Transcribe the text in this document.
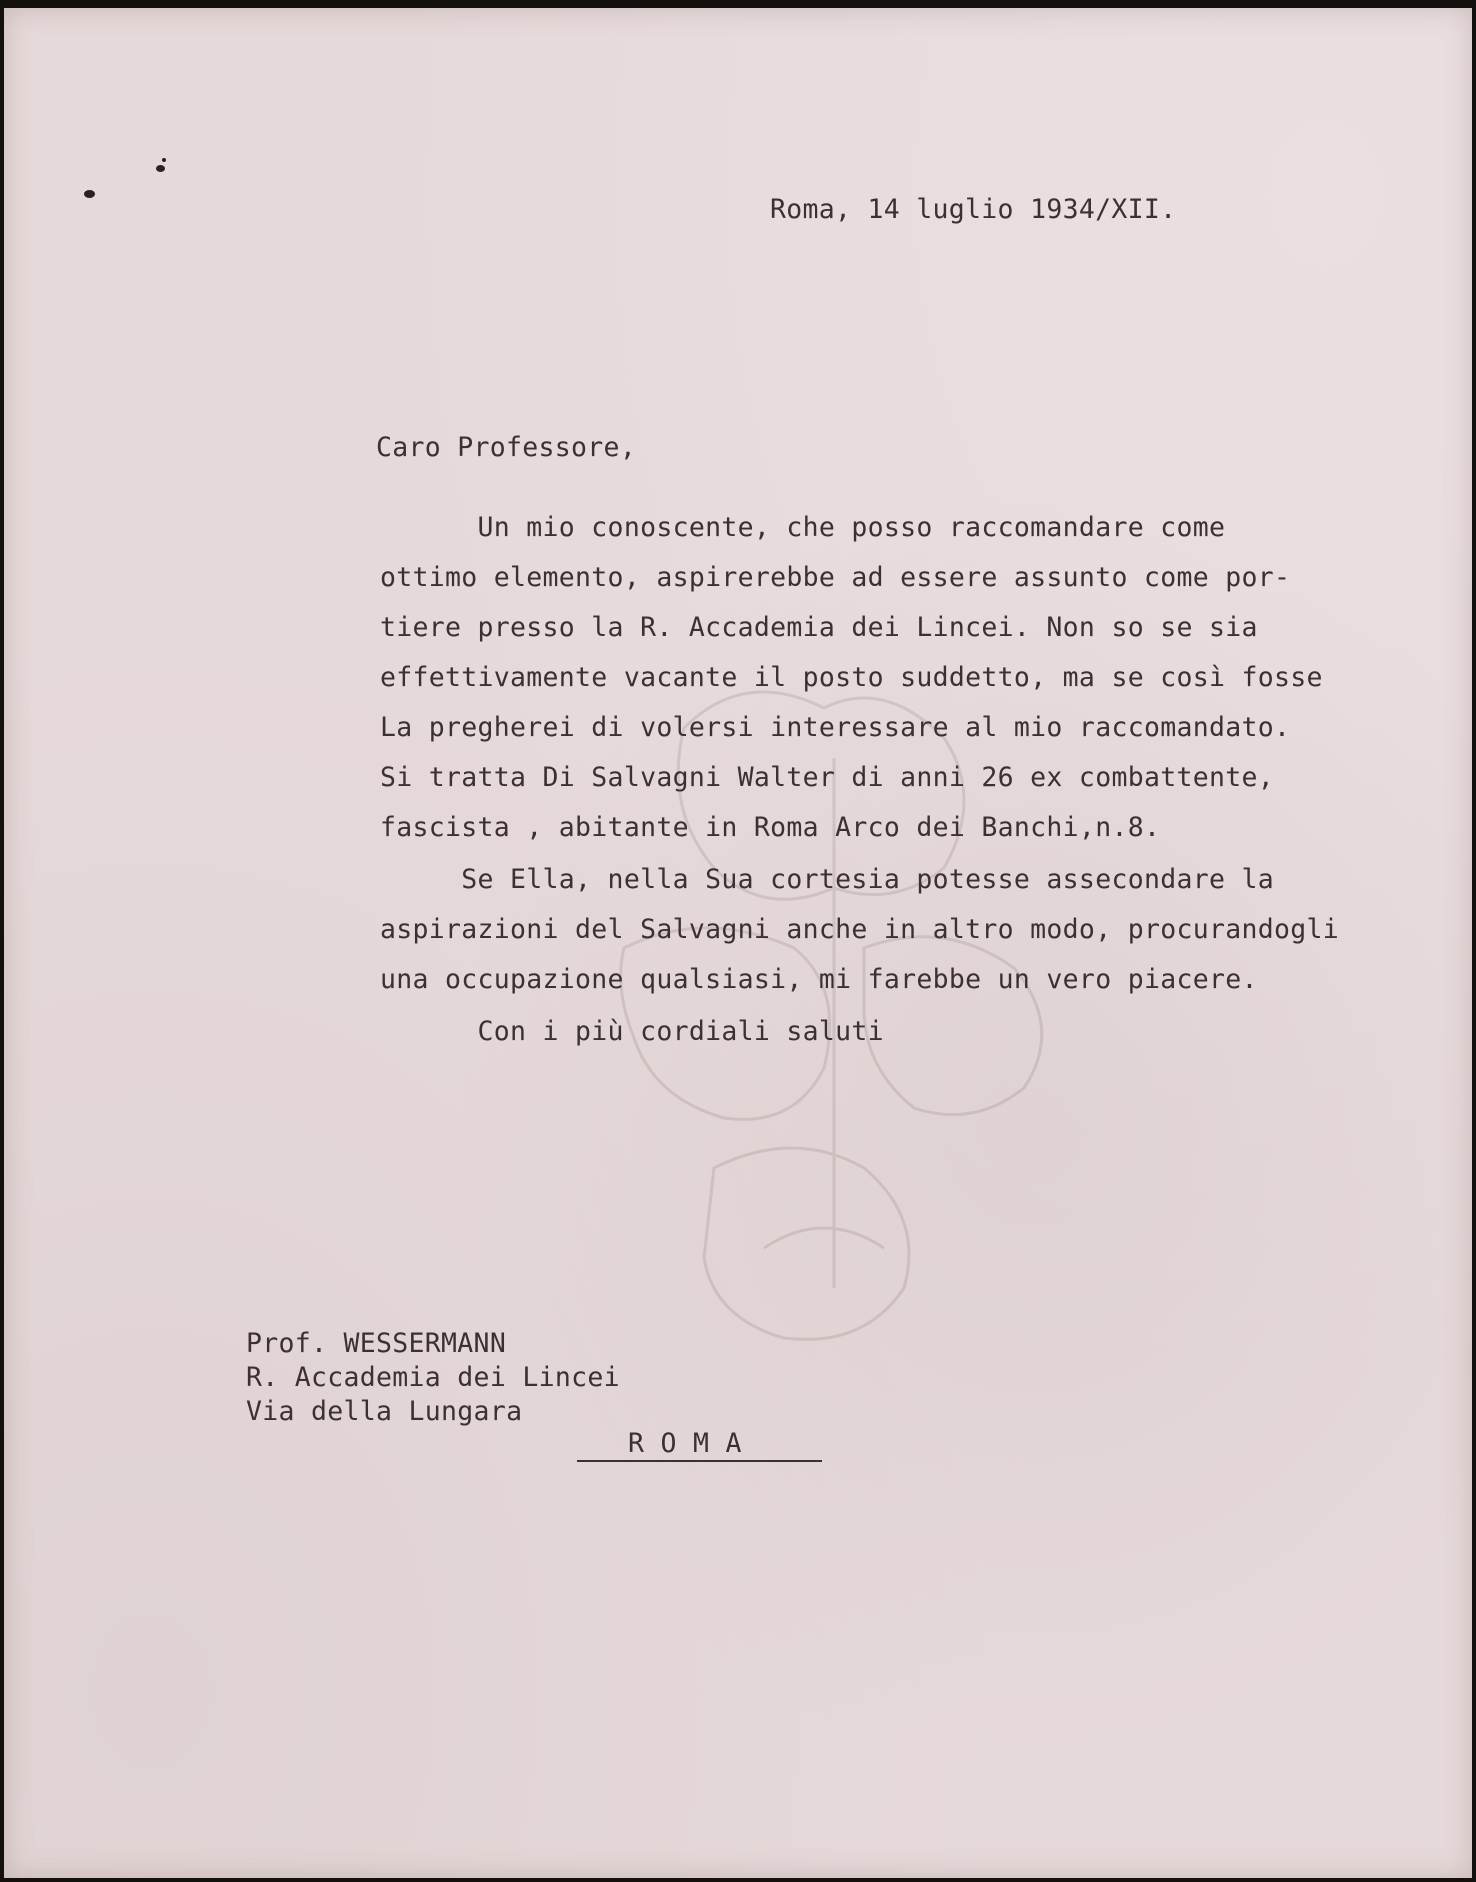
Roma, 14 luglio 1934/XII.
Caro Professore,
Un mio conoscente, che posso raccomandare come
ottimo elemento, aspirerebbe ad essere assunto come por-
tiere presso la R. Accademia dei Lincei. Non so se sia
effettivamente vacante il posto suddetto, ma se così fosse
La pregherei di volersi interessare al mio raccomandato.
Si tratta Di Salvagni Walter di anni 26 ex combattente,
fascista , abitante in Roma Arco dei Banchi,n.8.
Se Ella, nella Sua cortesia potesse assecondare la
aspirazioni del Salvagni anche in altro modo, procurandogli
una occupazione qualsiasi, mi farebbe un vero piacere.
Con i più cordiali saluti
Prof. WESSERMANN
R. Accademia dei Lincei
Via della Lungara
R O M A
